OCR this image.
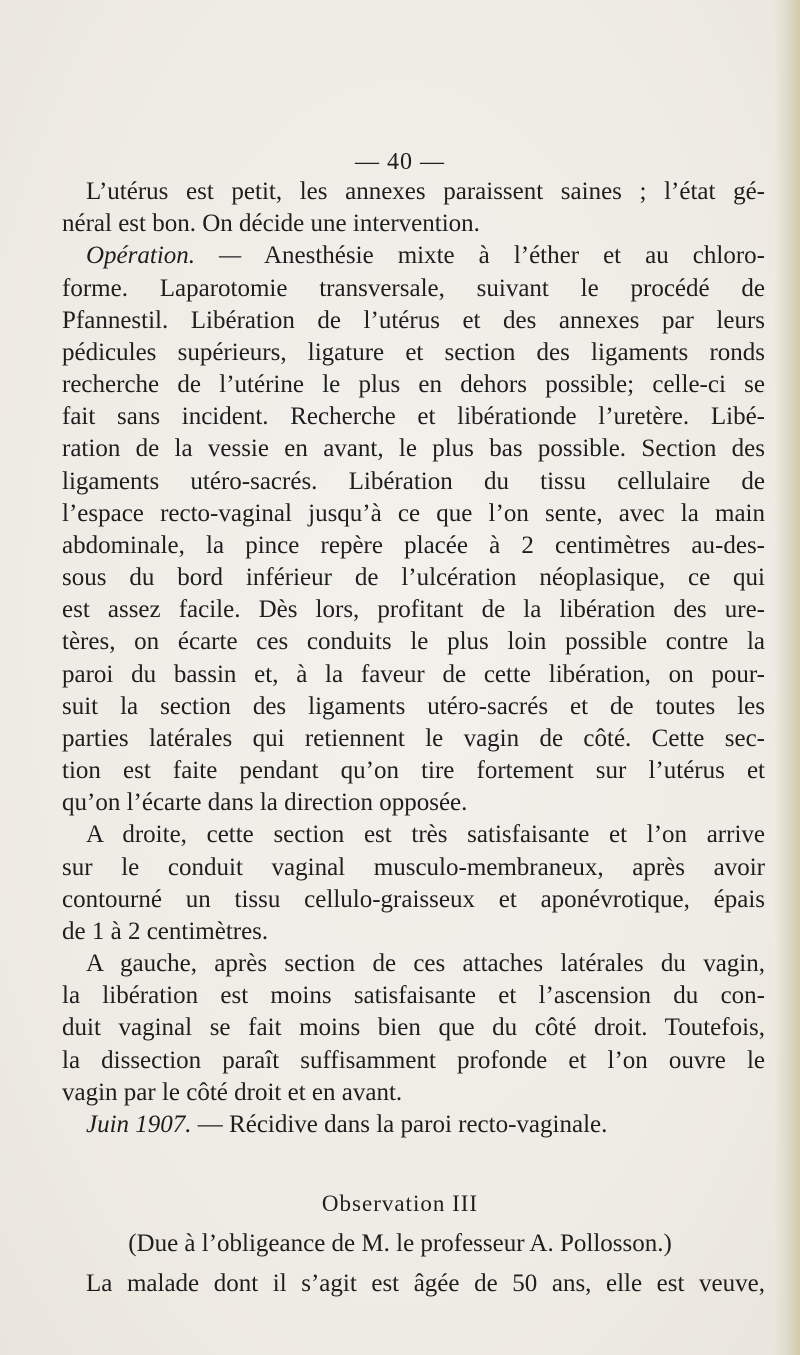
— 40 —
L’utérus est petit, les annexes paraissent saines ; l’état gé-
néral est bon. On décide une intervention.
Opération. — Anesthésie mixte à l’éther et au chloro-
forme. Laparotomie transversale, suivant le procédé de
Pfannestil. Libération de l’utérus et des annexes par leurs
pédicules supérieurs, ligature et section des ligaments ronds
recherche de l’utérine le plus en dehors possible; celle-ci se
fait sans incident. Recherche et libérationde l’uretère. Libé-
ration de la vessie en avant, le plus bas possible. Section des
ligaments utéro-sacrés. Libération du tissu cellulaire de
l’espace recto-vaginal jusqu’à ce que l’on sente, avec la main
abdominale, la pince repère placée à 2 centimètres au-des-
sous du bord inférieur de l’ulcération néoplasique, ce qui
est assez facile. Dès lors, profitant de la libération des ure-
tères, on écarte ces conduits le plus loin possible contre la
paroi du bassin et, à la faveur de cette libération, on pour-
suit la section des ligaments utéro-sacrés et de toutes les
parties latérales qui retiennent le vagin de côté. Cette sec-
tion est faite pendant qu’on tire fortement sur l’utérus et
qu’on l’écarte dans la direction opposée.
A droite, cette section est très satisfaisante et l’on arrive
sur le conduit vaginal musculo-membraneux, après avoir
contourné un tissu cellulo-graisseux et aponévrotique, épais
de 1 à 2 centimètres.
A gauche, après section de ces attaches latérales du vagin,
la libération est moins satisfaisante et l’ascension du con-
duit vaginal se fait moins bien que du côté droit. Toutefois,
la dissection paraît suffisamment profonde et l’on ouvre le
vagin par le côté droit et en avant.
Juin 1907. — Récidive dans la paroi recto-vaginale.
Observation III
(Due à l’obligeance de M. le professeur A. Pollosson.)
La malade dont il s’agit est âgée de 50 ans, elle est veuve,
